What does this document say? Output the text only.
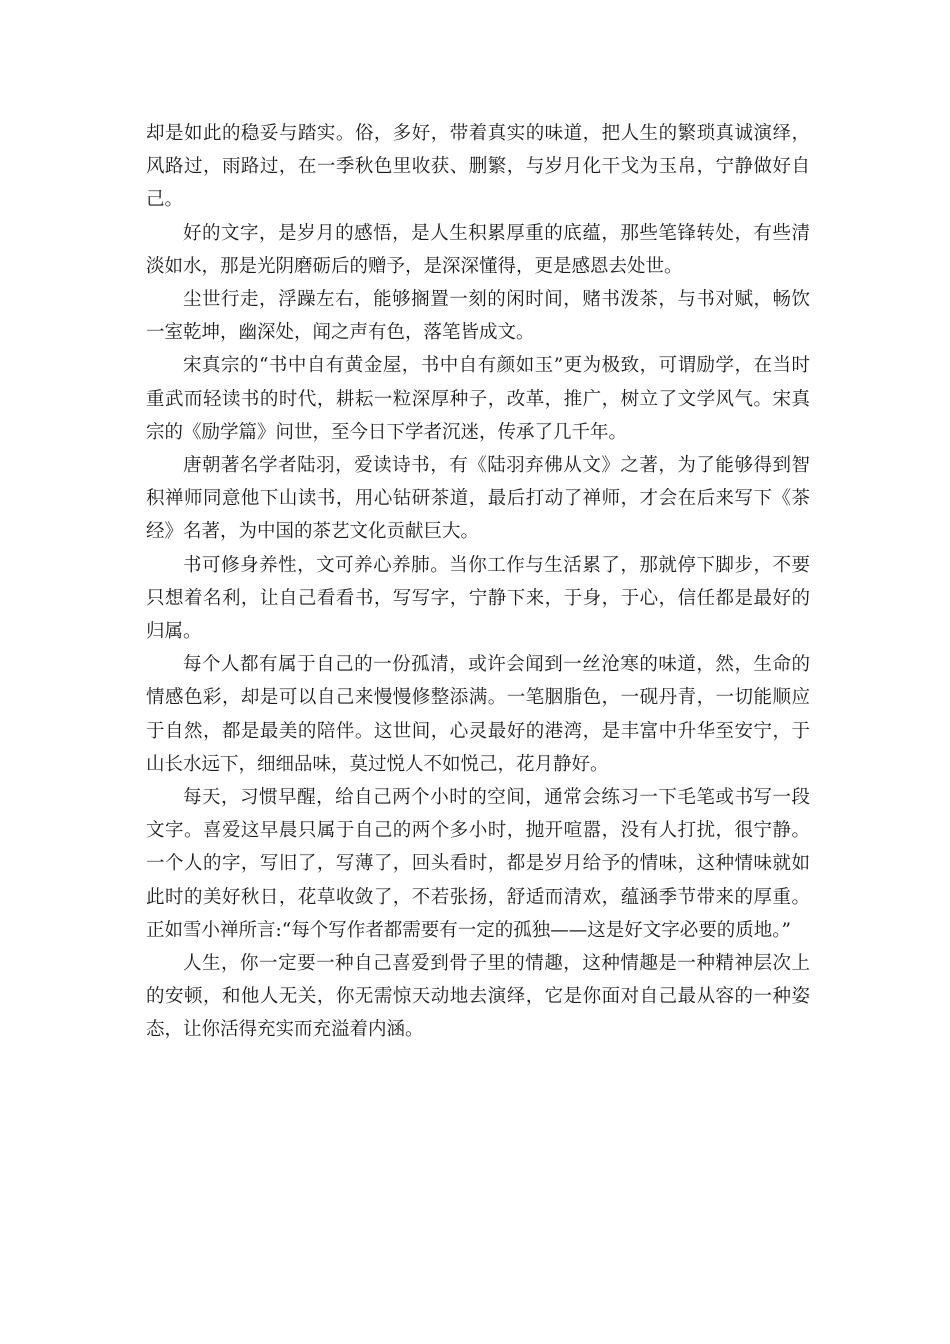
却是如此的稳妥与踏实。俗，多好，带着真实的味道，把人生的繁琐真诚演绎，风路过，雨路过，在一季秋色里收获、删繁，与岁月化干戈为玉帛，宁静做好自己。

好的文字，是岁月的感悟，是人生积累厚重的底蕴，那些笔锋转处，有些清淡如水，那是光阴磨砺后的赠予，是深深懂得，更是感恩去处世。

尘世行走，浮躁左右，能够搁置一刻的闲时间，赌书泼茶，与书对赋，畅饮一室乾坤，幽深处，闻之声有色，落笔皆成文。

宋真宗的“书中自有黄金屋，书中自有颜如玉”更为极致，可谓励学，在当时重武而轻读书的时代，耕耘一粒深厚种子，改革，推广，树立了文学风气。宋真宗的《励学篇》问世，至今日下学者沉迷，传承了几千年。

唐朝著名学者陆羽，爱读诗书，有《陆羽弃佛从文》之著，为了能够得到智积禅师同意他下山读书，用心钻研茶道，最后打动了禅师，才会在后来写下《茶经》名著，为中国的茶艺文化贡献巨大。

书可修身养性，文可养心养肺。当你工作与生活累了，那就停下脚步，不要只想着名利，让自己看看书，写写字，宁静下来，于身，于心，信任都是最好的归属。

每个人都有属于自己的一份孤清，或许会闻到一丝沧寒的味道，然，生命的情感色彩，却是可以自己来慢慢修整添满。一笔胭脂色，一砚丹青，一切能顺应于自然，都是最美的陪伴。这世间，心灵最好的港湾，是丰富中升华至安宁，于山长水远下，细细品味，莫过悦人不如悦己，花月静好。

每天，习惯早醒，给自己两个小时的空间，通常会练习一下毛笔或书写一段文字。喜爱这早晨只属于自己的两个多小时，抛开喧嚣，没有人打扰，很宁静。一个人的字，写旧了，写薄了，回头看时，都是岁月给予的情味，这种情味就如此时的美好秋日，花草收敛了，不若张扬，舒适而清欢，蕴涵季节带来的厚重。正如雪小禅所言:“每个写作者都需要有一定的孤独——这是好文字必要的质地。”

人生，你一定要一种自己喜爱到骨子里的情趣，这种情趣是一种精神层次上的安顿，和他人无关，你无需惊天动地去演绎，它是你面对自己最从容的一种姿态，让你活得充实而充溢着内涵。
